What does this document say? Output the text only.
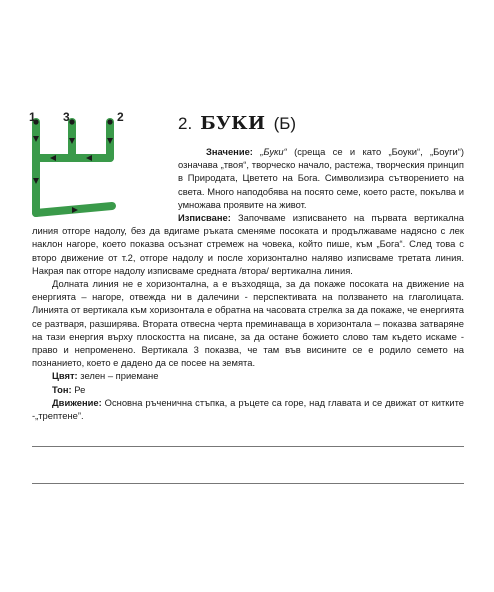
1 3	2	2. БУКИ (Б)

Значение: „Буки“ (среща се и като „Боуки“, „Боуги“) означава „твоя“, творческо начало, растежа, творческия принцип в Природата, Цветето на Бога. Символизира сътворението на света. Много наподобява на посято семе, което расте, покълва и умножава проявите на живот.

Изписване: Започваме изписването на първата вертикална линия отгоре надолу, без да вдигаме ръката сменяме посоката и продължаваме надясно с лек наклон нагоре, което показва осъзнат стремеж на човека, който пише, към „Бога“. След това с второ движение от т.2, отгоре надолу и после хоризонтално наляво изписваме третата линия. Накрая пак отгоре надолу изписваме средната /втора/ вертикална линия.

Долната линия не е хоризонтална, а е възходяща, за да покаже посоката на движение на енергията – нагоре, отвежда ни в далечини - перспективата на ползването на глаголицата. Линията от вертикала към хоризонтала е обратна на часовата стрелка за да покаже, че енергията се разтваря, разширява. Втората отвесна черта преминаваща в хоризонтала – показва затваряне на тази енергия върху плоскостта на писане, за да остане божието слово там където искаме - право и непроменено. Вертикала 3 показва, че там във висините се е родило семето на познанието, което е дадено да се посее на земята.

Цвят: зелен – приемане

Тон: Ре

Движение: Основна ръченична стъпка, а ръцете са горе, над главата и се движат от китките -„трептене”.
